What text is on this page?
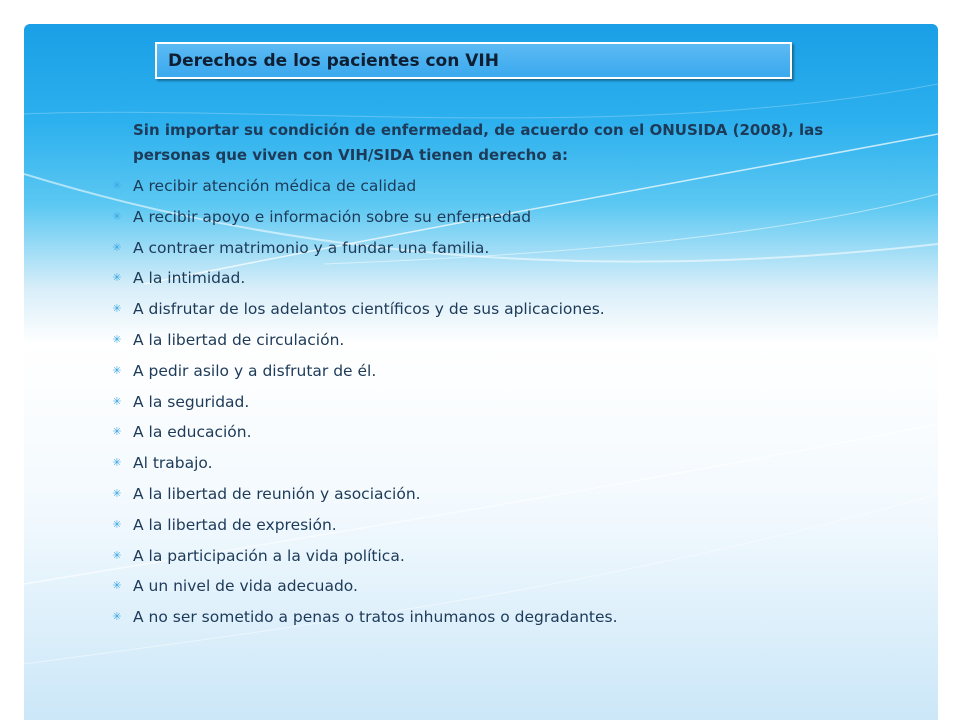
Derechos de los pacientes con VIH
Sin importar su condición de enfermedad, de acuerdo con el ONUSIDA (2008), las personas que viven con VIH/SIDA tienen derecho a:
✳ A recibir atención médica de calidad
✳ A recibir apoyo e información sobre su enfermedad
✳ A contraer matrimonio y a fundar una familia.
✳ A la intimidad.
✳ A disfrutar de los adelantos científicos y de sus aplicaciones.
✳ A la libertad de circulación.
✳ A pedir asilo y a disfrutar de él.
✳ A la seguridad.
✳ A la educación.
✳ Al trabajo.
✳ A la libertad de reunión y asociación.
✳ A la libertad de expresión.
✳ A la participación a la vida política.
✳ A un nivel de vida adecuado.
✳ A no ser sometido a penas o tratos inhumanos o degradantes.
